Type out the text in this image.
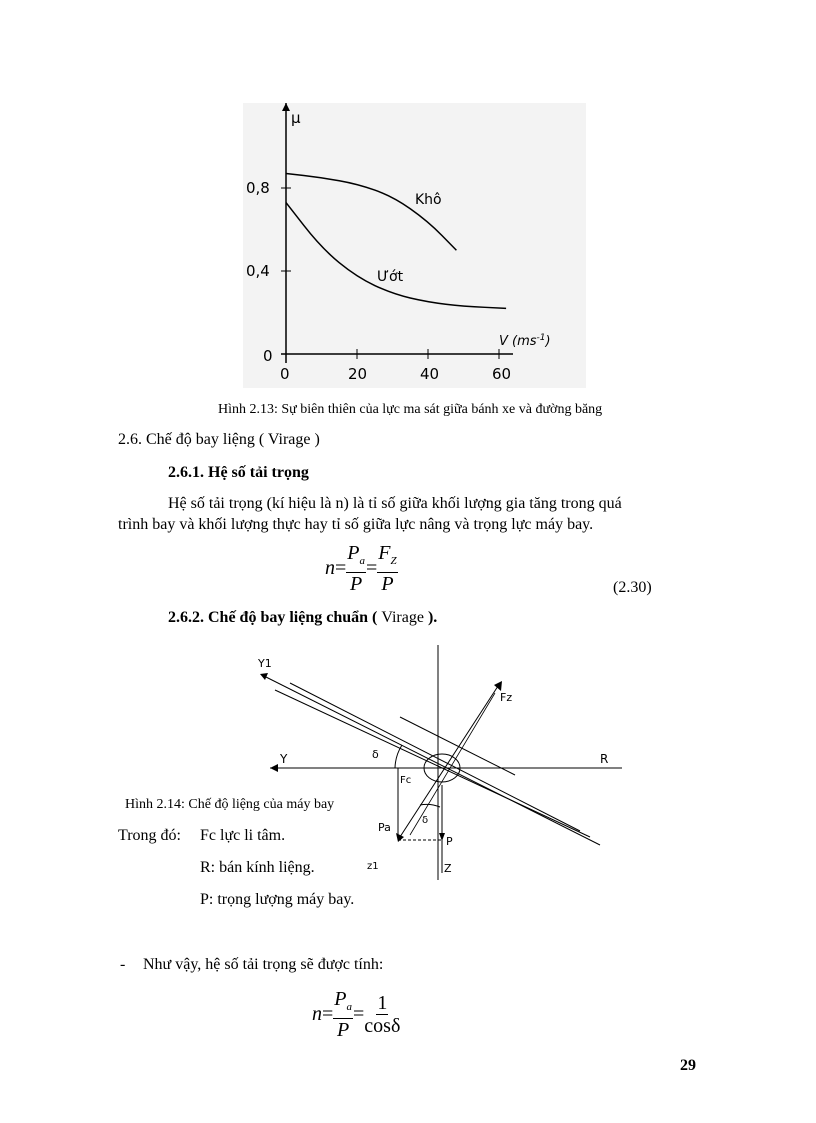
μ
0,8
0,4
0
0	20	40	60
V $(ms^{-1})$
Khô
Ướt
Hình 2.13: Sự biên thiên của lực ma sát giữa bánh xe và đường băng
2.6. Chế độ bay liệng ( Virage )
2.6.1. Hệ số tải trọng
Hệ số tải trọng (kí hiệu là n) là tỉ số giữa khối lượng gia tăng trong quá
trình bay và khối lượng thực hay tỉ số giữa lực nâng và trọng lực máy bay.
$n = \frac{P_a}{P} = \frac{F_Z}{P}$	(2.30)
2.6.2. Chế độ bay liệng chuẩn ( Virage ).
Y1
Fz
Y	R
δ
Fc
δ
Pa
P
z1	Z
Hình 2.14: Chế độ liệng của máy bay
Trong đó: Fc lực li tâm.
R: bán kính liệng.
P: trọng lượng máy bay.
- Như vậy, hệ số tải trọng sẽ được tính:
$n = \frac{P_a}{P} = \frac{1}{\cos\delta}$
29
